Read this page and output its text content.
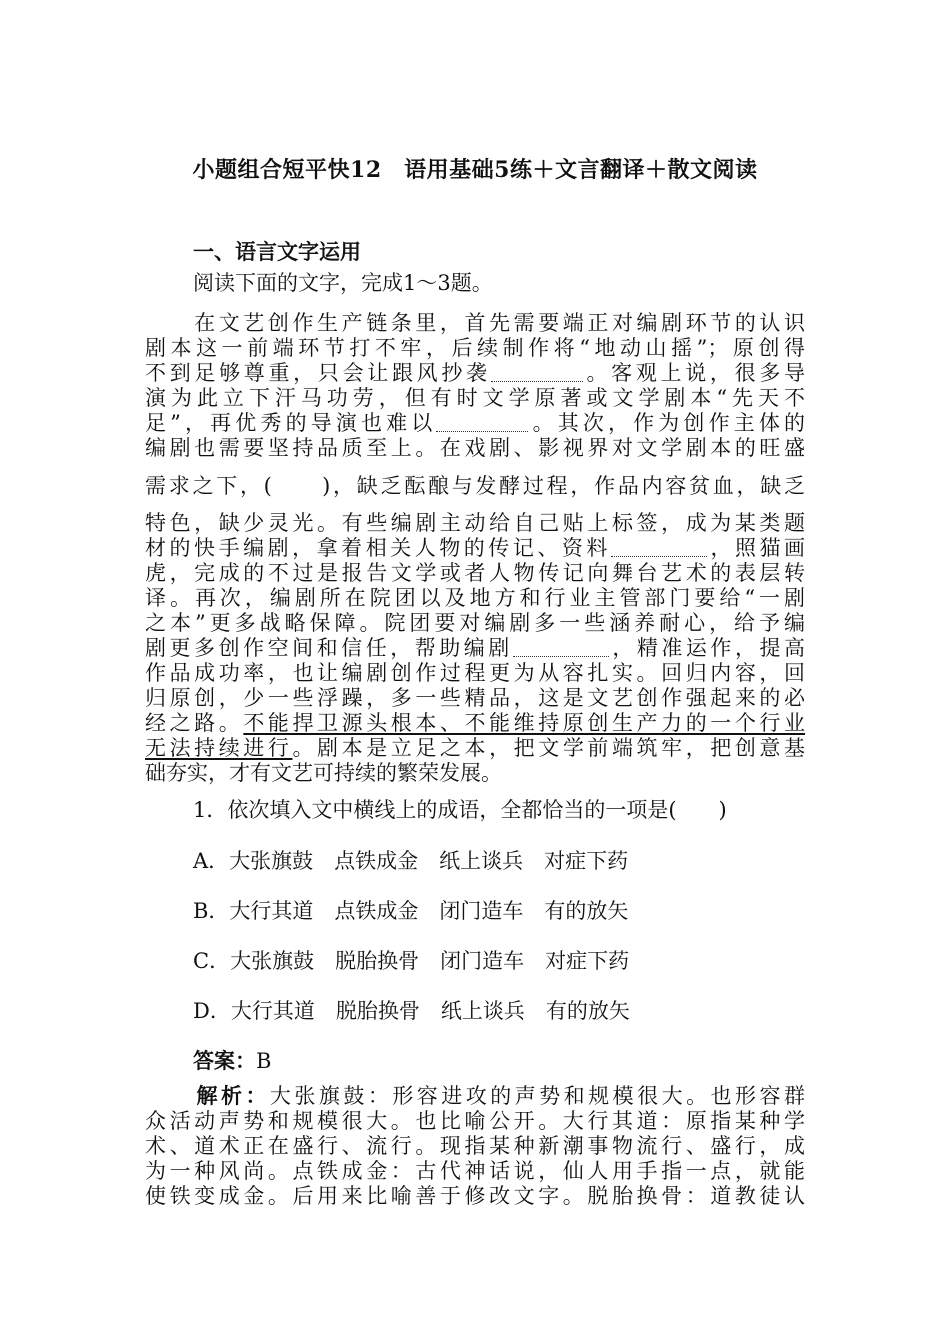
小题组合短平快12　语用基础5练＋文言翻译＋散文阅读
一、语言文字运用
阅读下面的文字，完成1～3题。
　　在文艺创作生产链条里，首先需要端正对编剧环节的认识
剧本这一前端环节打不牢，后续制作将“地动山摇”；原创得
不到足够尊重，只会让跟风抄袭	。客观上说，很多导
演为此立下汗马功劳，但有时文学原著或文学剧本“先天不
足”，再优秀的导演也难以	。其次，作为创作主体的
编剧也需要坚持品质至上。在戏剧、影视界对文学剧本的旺盛
需求之下，(　　)，缺乏酝酿与发酵过程，作品内容贫血，缺乏
特色，缺少灵光。有些编剧主动给自己贴上标签，成为某类题
材的快手编剧，拿着相关人物的传记、资料	，照猫画
虎，完成的不过是报告文学或者人物传记向舞台艺术的表层转
译。再次，编剧所在院团以及地方和行业主管部门要给“一剧
之本”更多战略保障。院团要对编剧多一些涵养耐心，给予编
剧更多创作空间和信任，帮助编剧	，精准运作，提高
作品成功率，也让编剧创作过程更为从容扎实。回归内容，回
归原创，少一些浮躁，多一些精品，这是文艺创作强起来的必
经之路。不能捍卫源头根本、不能维持原创生产力的一个行业
无法持续进行。剧本是立足之本，把文学前端筑牢，把创意基
础夯实，才有文艺可持续的繁荣发展。
1．依次填入文中横线上的成语，全都恰当的一项是(　　)
A．大张旗鼓　点铁成金　纸上谈兵　对症下药
B．大行其道　点铁成金　闭门造车　有的放矢
C．大张旗鼓　脱胎换骨　闭门造车　对症下药
D．大行其道　脱胎换骨　纸上谈兵　有的放矢
答案：B
解析：大张旗鼓：形容进攻的声势和规模很大。也形容群
众活动声势和规模很大。也比喻公开。大行其道：原指某种学
术、道术正在盛行、流行。现指某种新潮事物流行、盛行，成
为一种风尚。点铁成金：古代神话说，仙人用手指一点，就能
使铁变成金。后用来比喻善于修改文字。脱胎换骨：道教徒认
